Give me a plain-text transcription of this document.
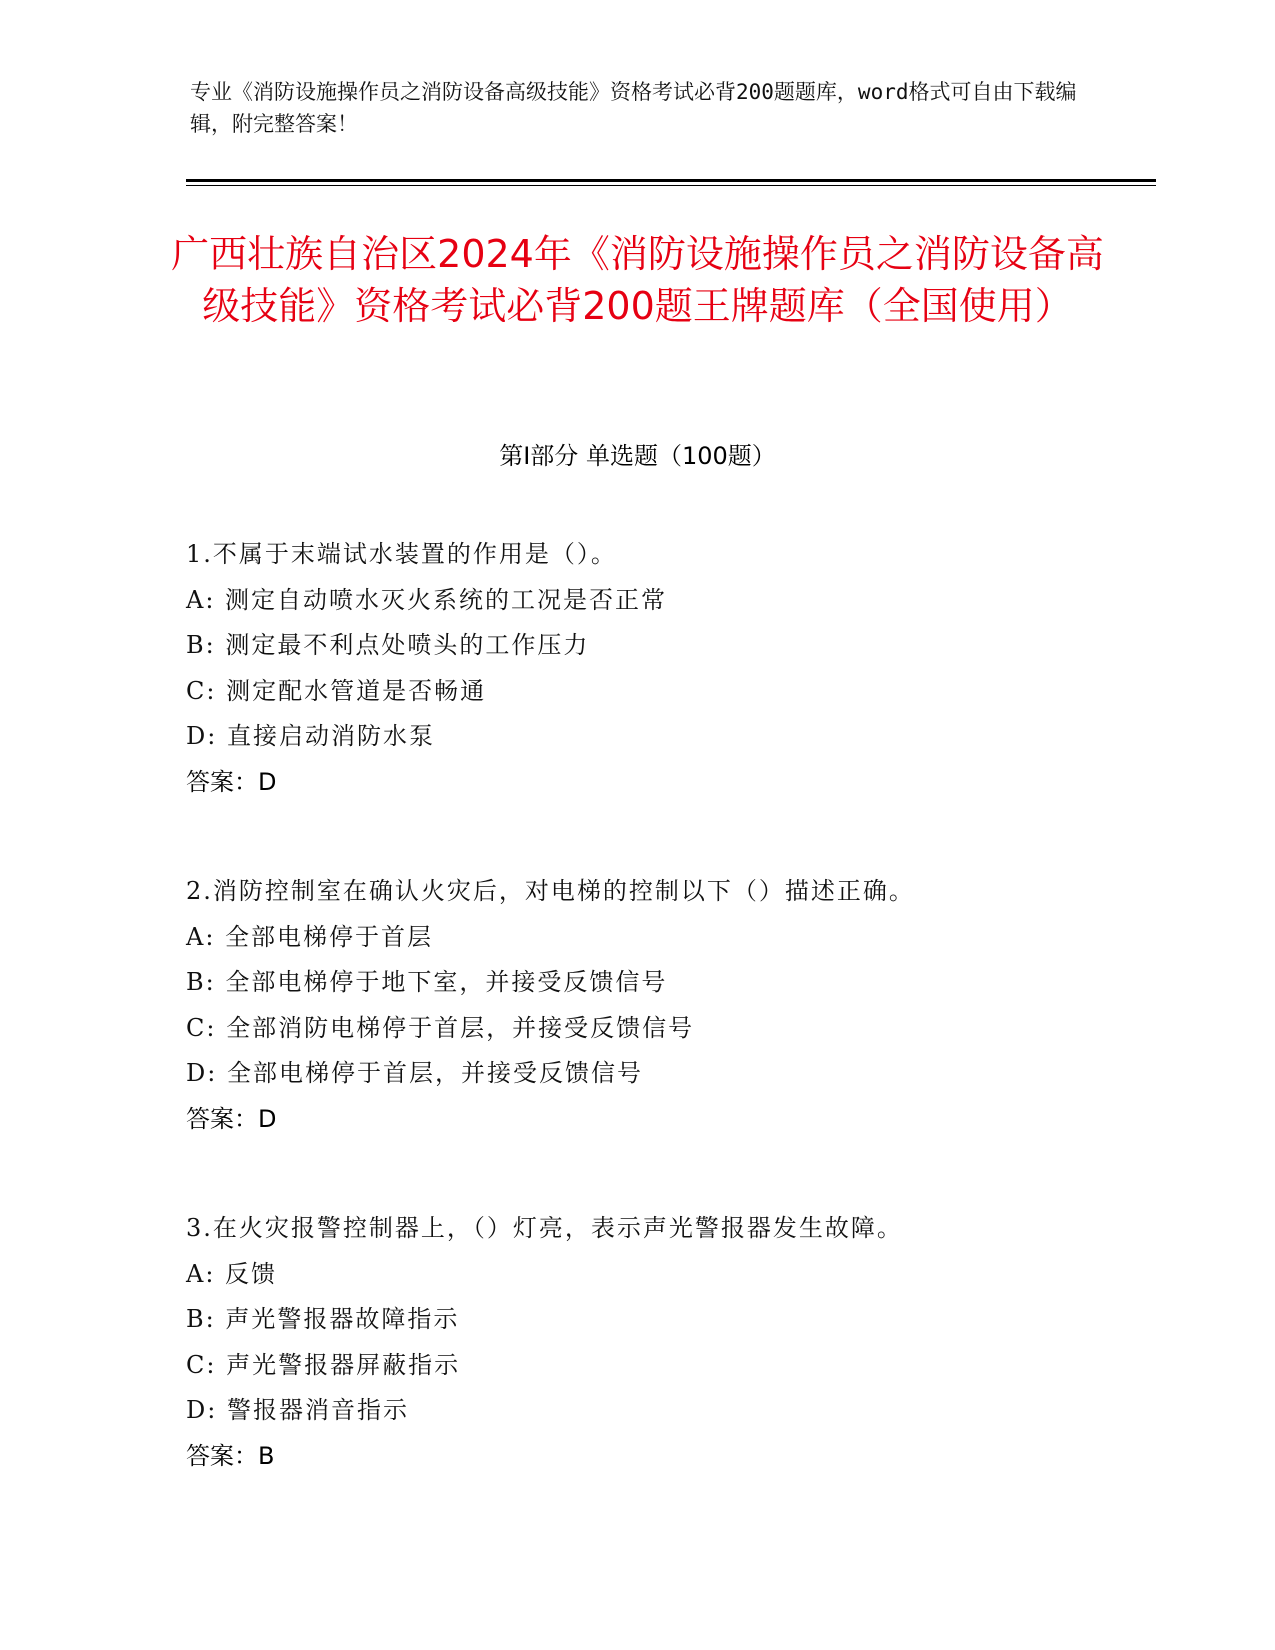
专业《消防设施操作员之消防设备高级技能》资格考试必背200题题库，word格式可自由下载编辑，附完整答案！
广西壮族自治区2024年《消防设施操作员之消防设备高级技能》资格考试必背200题王牌题库（全国使用）
第Ⅰ部分 单选题（100题）
1.不属于末端试水装置的作用是（）。
A: 测定自动喷水灭火系统的工况是否正常
B: 测定最不利点处喷头的工作压力
C: 测定配水管道是否畅通
D: 直接启动消防水泵
答案：D
2.消防控制室在确认火灾后，对电梯的控制以下（）描述正确。
A: 全部电梯停于首层
B: 全部电梯停于地下室，并接受反馈信号
C: 全部消防电梯停于首层，并接受反馈信号
D: 全部电梯停于首层，并接受反馈信号
答案：D
3.在火灾报警控制器上，（）灯亮，表示声光警报器发生故障。
A: 反馈
B: 声光警报器故障指示
C: 声光警报器屏蔽指示
D: 警报器消音指示
答案：B
